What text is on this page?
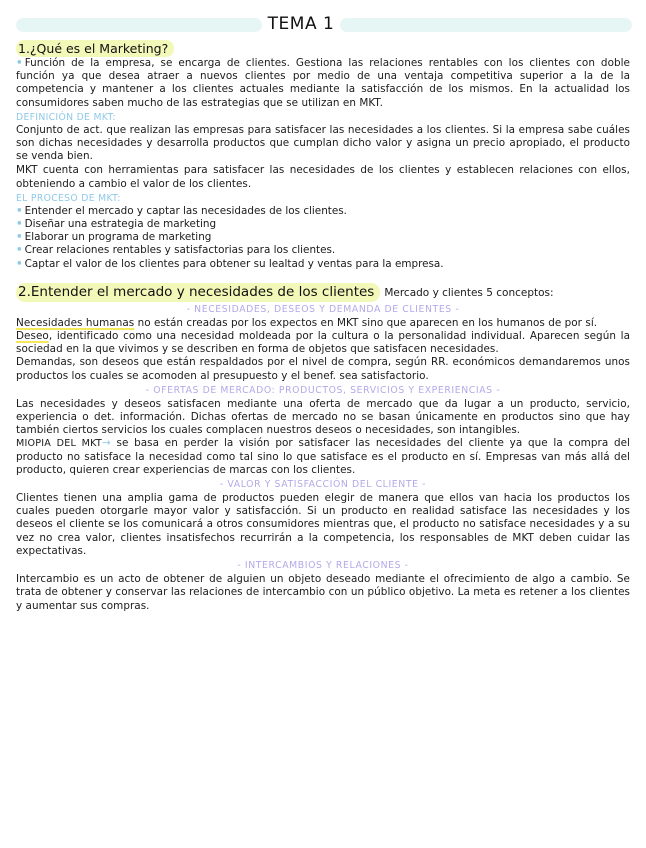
TEMA 1
1.¿Qué es el Marketing?

• Función de la empresa, se encarga de clientes. Gestiona las relaciones rentables con los clientes con doble función ya que desea atraer a nuevos clientes por medio de una ventaja competitiva superior a la de la competencia y mantener a los clientes actuales mediante la satisfacción de los mismos. En la actualidad los consumidores saben mucho de las estrategias que se utilizan en MKT.

DEFINICIÓN DE MKT:

Conjunto de act. que realizan las empresas para satisfacer las necesidades a los clientes. Si la empresa sabe cuáles son dichas necesidades y desarrolla productos que cumplan dicho valor y asigna un precio apropiado, el producto se venda bien.

MKT cuenta con herramientas para satisfacer las necesidades de los clientes y establecen relaciones con ellos, obteniendo a cambio el valor de los clientes.

EL PROCESO DE MKT:
• Entender el mercado y captar las necesidades de los clientes.
• Diseñar una estrategia de marketing
• Elaborar un programa de marketing
• Crear relaciones rentables y satisfactorias para los clientes.
• Captar el valor de los clientes para obtener su lealtad y ventas para la empresa.
2.Entender el mercado y necesidades de los clientes Mercado y clientes 5 conceptos:
- NECESIDADES, DESEOS Y DEMANDA DE CLIENTES -

Necesidades humanas no están creadas por los expectos en MKT sino que aparecen en los humanos de por sí.

Deseo, identificado como una necesidad moldeada por la cultura o la personalidad individual. Aparecen según la sociedad en la que vivimos y se describen en forma de objetos que satisfacen necesidades.

Demandas, son deseos que están respaldados por el nivel de compra, según RR. económicos demandaremos unos productos los cuales se acomoden al presupuesto y el benef. sea satisfactorio.

- OFERTAS DE MERCADO: PRODUCTOS, SERVICIOS Y EXPERIENCIAS -

Las necesidades y deseos satisfacen mediante una oferta de mercado que da lugar a un producto, servicio, experiencia o det. información. Dichas ofertas de mercado no se basan únicamente en productos sino que hay también ciertos servicios los cuales complacen nuestros deseos o necesidades, son intangibles.

MIOPIA DEL MKT→ se basa en perder la visión por satisfacer las necesidades del cliente ya que la compra del producto no satisface la necesidad como tal sino lo que satisface es el producto en sí. Empresas van más allá del producto, quieren crear experiencias de marcas con los clientes.

- VALOR Y SATISFACCIÓN DEL CLIENTE -

Clientes tienen una amplia gama de productos pueden elegir de manera que ellos van hacia los productos los cuales pueden otorgarle mayor valor y satisfacción. Si un producto en realidad satisface las necesidades y los deseos el cliente se los comunicará a otros consumidores mientras que, el producto no satisface necesidades y a su vez no crea valor, clientes insatisfechos recurrirán a la competencia, los responsables de MKT deben cuidar las expectativas.

- INTERCAMBIOS Y RELACIONES -

Intercambio es un acto de obtener de alguien un objeto deseado mediante el ofrecimiento de algo a cambio. Se trata de obtener y conservar las relaciones de intercambio con un público objetivo. La meta es retener a los clientes y aumentar sus compras.
